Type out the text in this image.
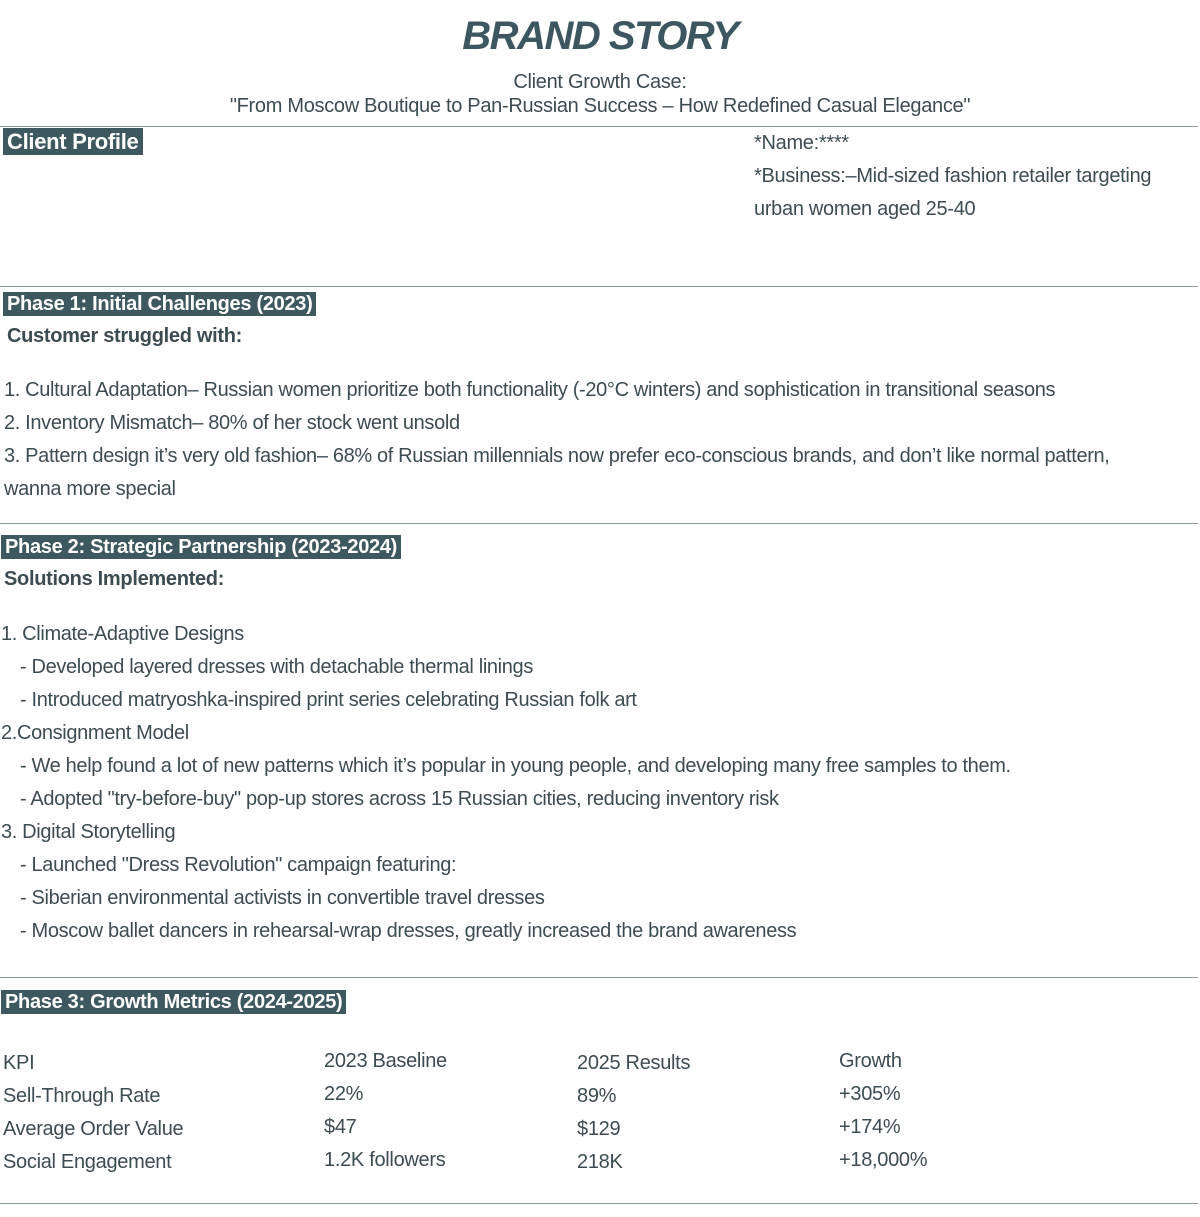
BRAND STORY
Client Growth Case:
"From Moscow Boutique to Pan-Russian Success – How Redefined Casual Elegance"
Client Profile	*Name:****
*Business:–Mid-sized fashion retailer targeting
urban women aged 25-40
Phase 1: Initial Challenges (2023)
Customer struggled with:
1. Cultural Adaptation– Russian women prioritize both functionality (-20°C winters) and sophistication in transitional seasons
2. Inventory Mismatch– 80% of her stock went unsold
3. Pattern design it’s very old fashion– 68% of Russian millennials now prefer eco-conscious brands, and don’t like normal pattern,
wanna more special
Phase 2: Strategic Partnership (2023-2024)
Solutions Implemented:
1. Climate-Adaptive Designs
- Developed layered dresses with detachable thermal linings
- Introduced matryoshka-inspired print series celebrating Russian folk art
2.Consignment Model
- We help found a lot of new patterns which it’s popular in young people, and developing many free samples to them.
- Adopted "try-before-buy" pop-up stores across 15 Russian cities, reducing inventory risk
3. Digital Storytelling
- Launched "Dress Revolution" campaign featuring:
- Siberian environmental activists in convertible travel dresses
- Moscow ballet dancers in rehearsal-wrap dresses, greatly increased the brand awareness
Phase 3: Growth Metrics (2024-2025)
KPI	2023 Baseline	2025 Results	Growth
Sell-Through Rate	22%	89%	+305%
Average Order Value	$47	$129	+174%
Social Engagement	1.2K followers	218K	+18,000%
